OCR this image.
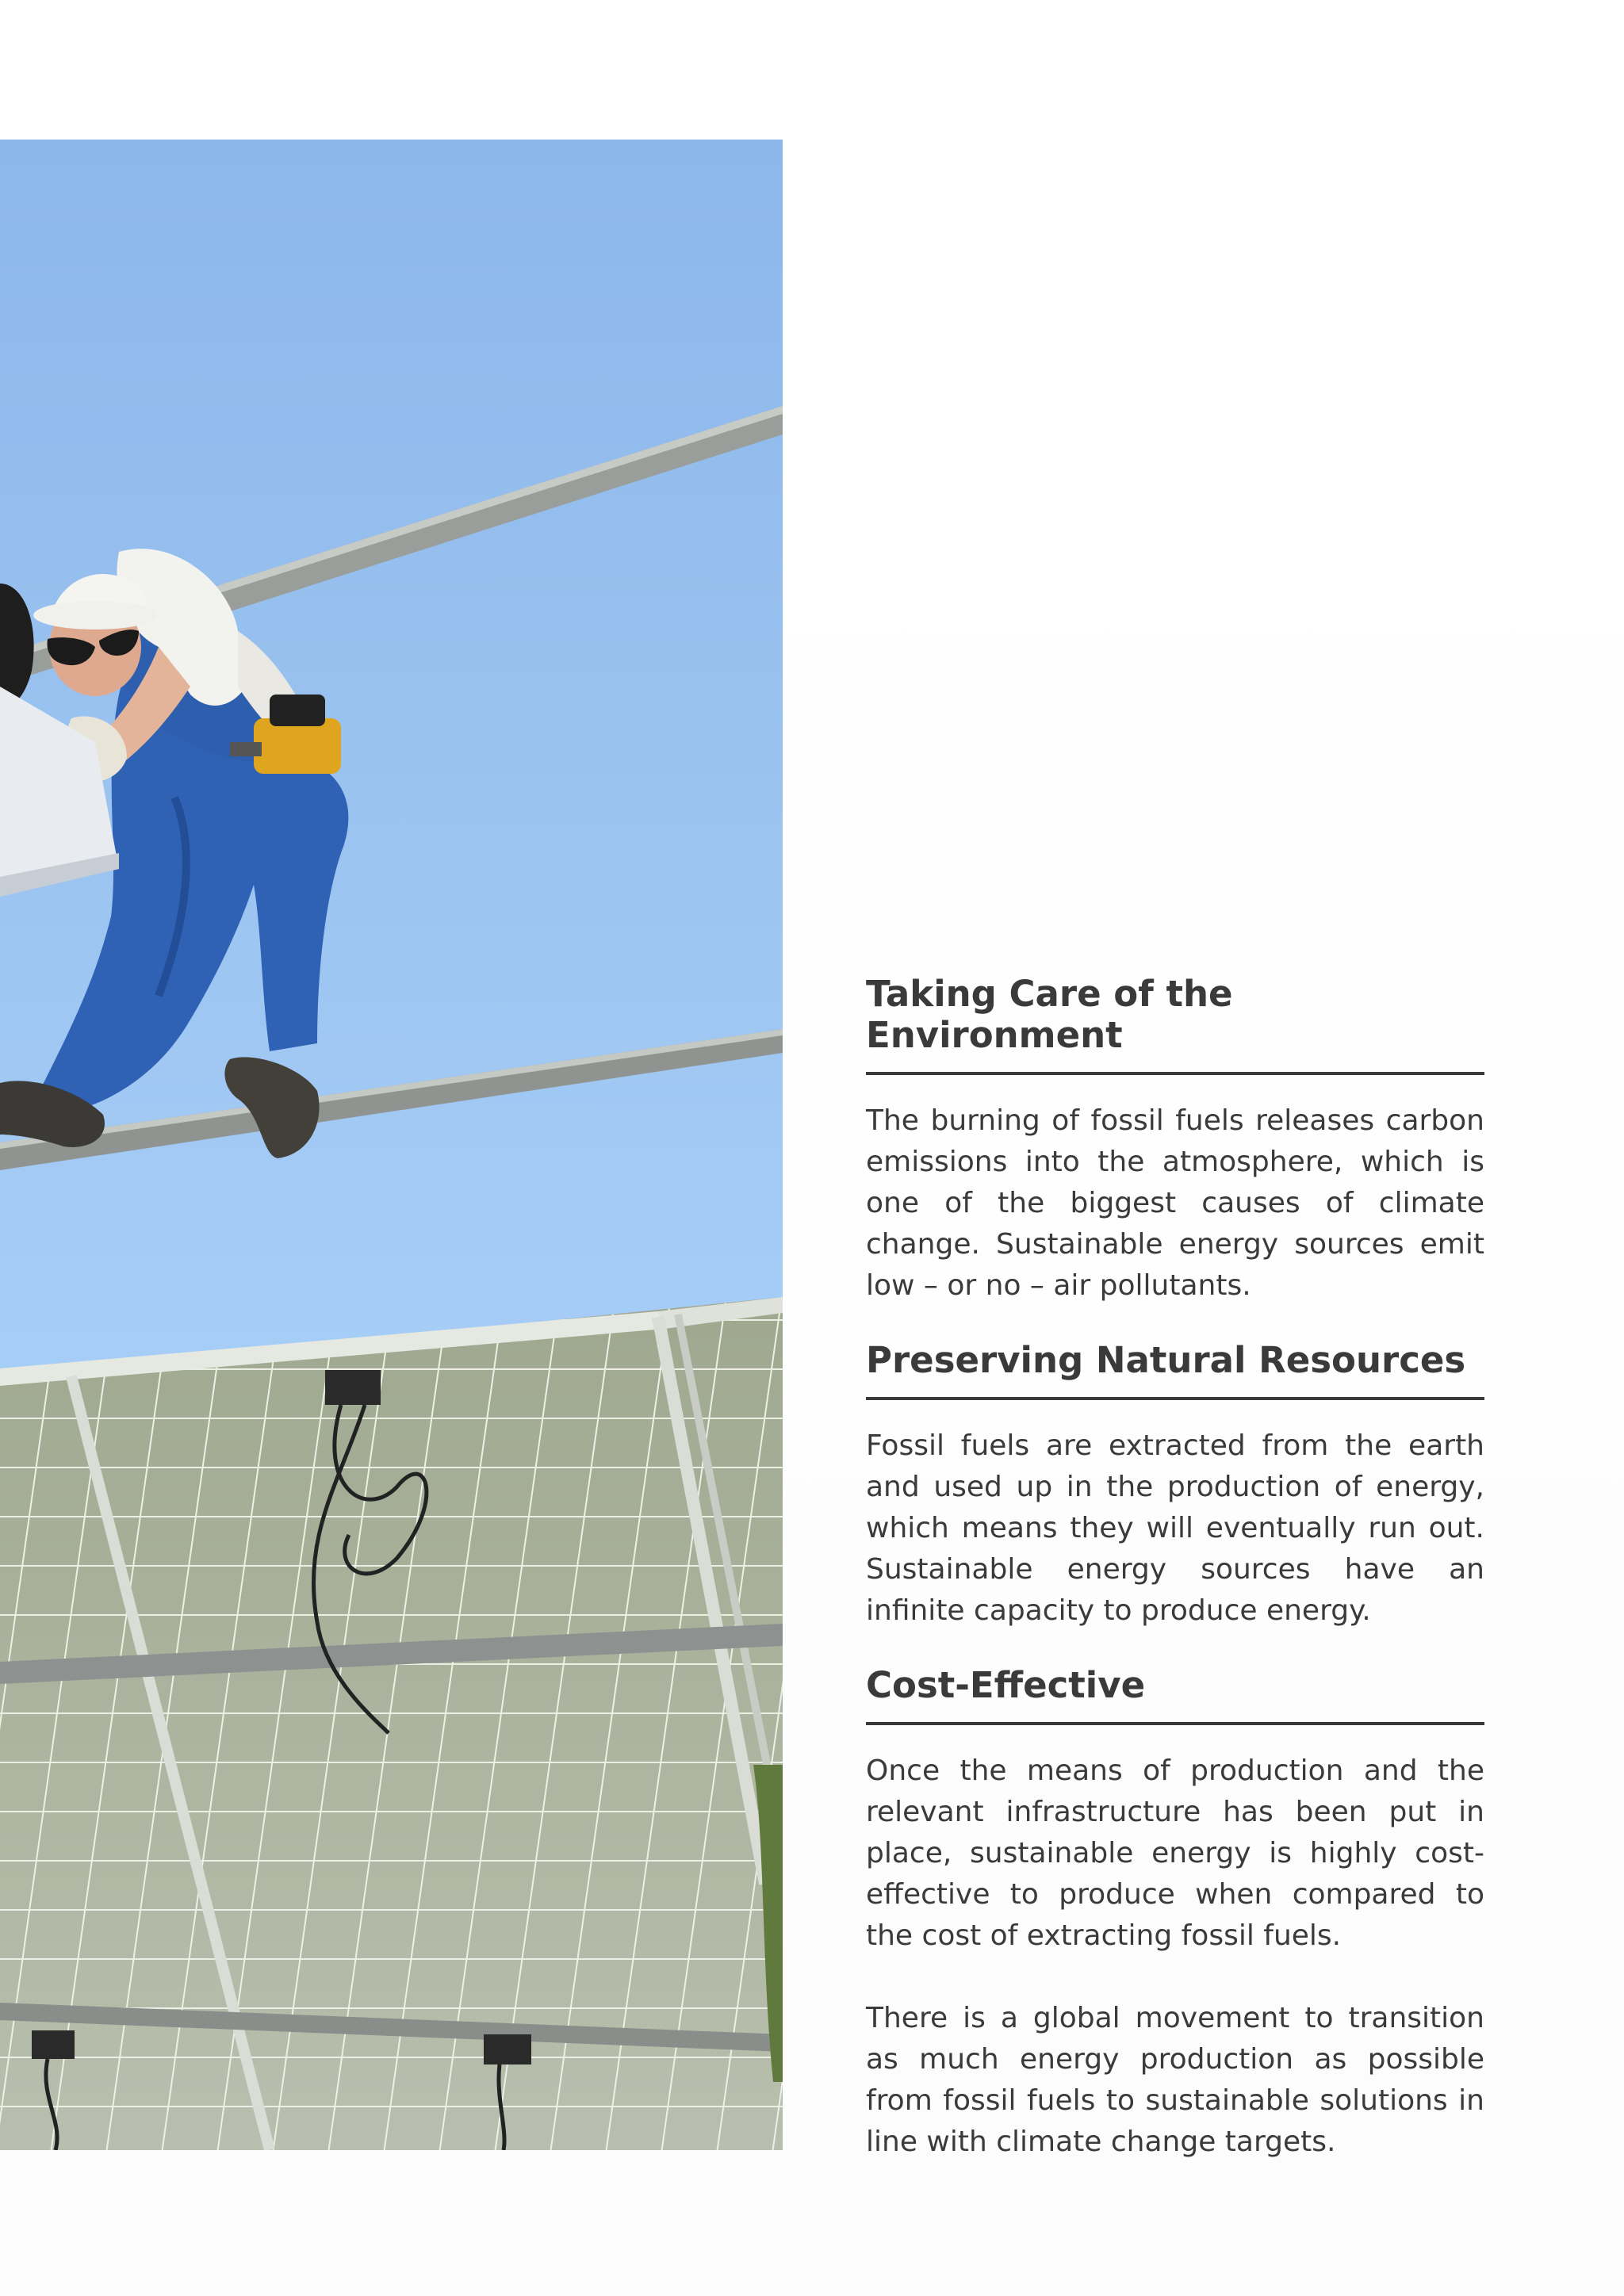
Taking Care of the Environment

The burning of fossil fuels releases carbon emissions into the atmosphere, which is one of the biggest causes of climate change. Sustainable energy sources emit low – or no – air pollutants.

Preserving Natural Resources

Fossil fuels are extracted from the earth and used up in the production of energy, which means they will eventually run out. Sustainable energy sources have an infinite capacity to produce energy.

Cost-Effective

Once the means of production and the relevant infrastructure has been put in place, sustainable energy is highly cost-effective to produce when compared to the cost of extracting fossil fuels.

There is a global movement to transition as much energy production as possible from fossil fuels to sustainable solutions in line with climate change targets.
